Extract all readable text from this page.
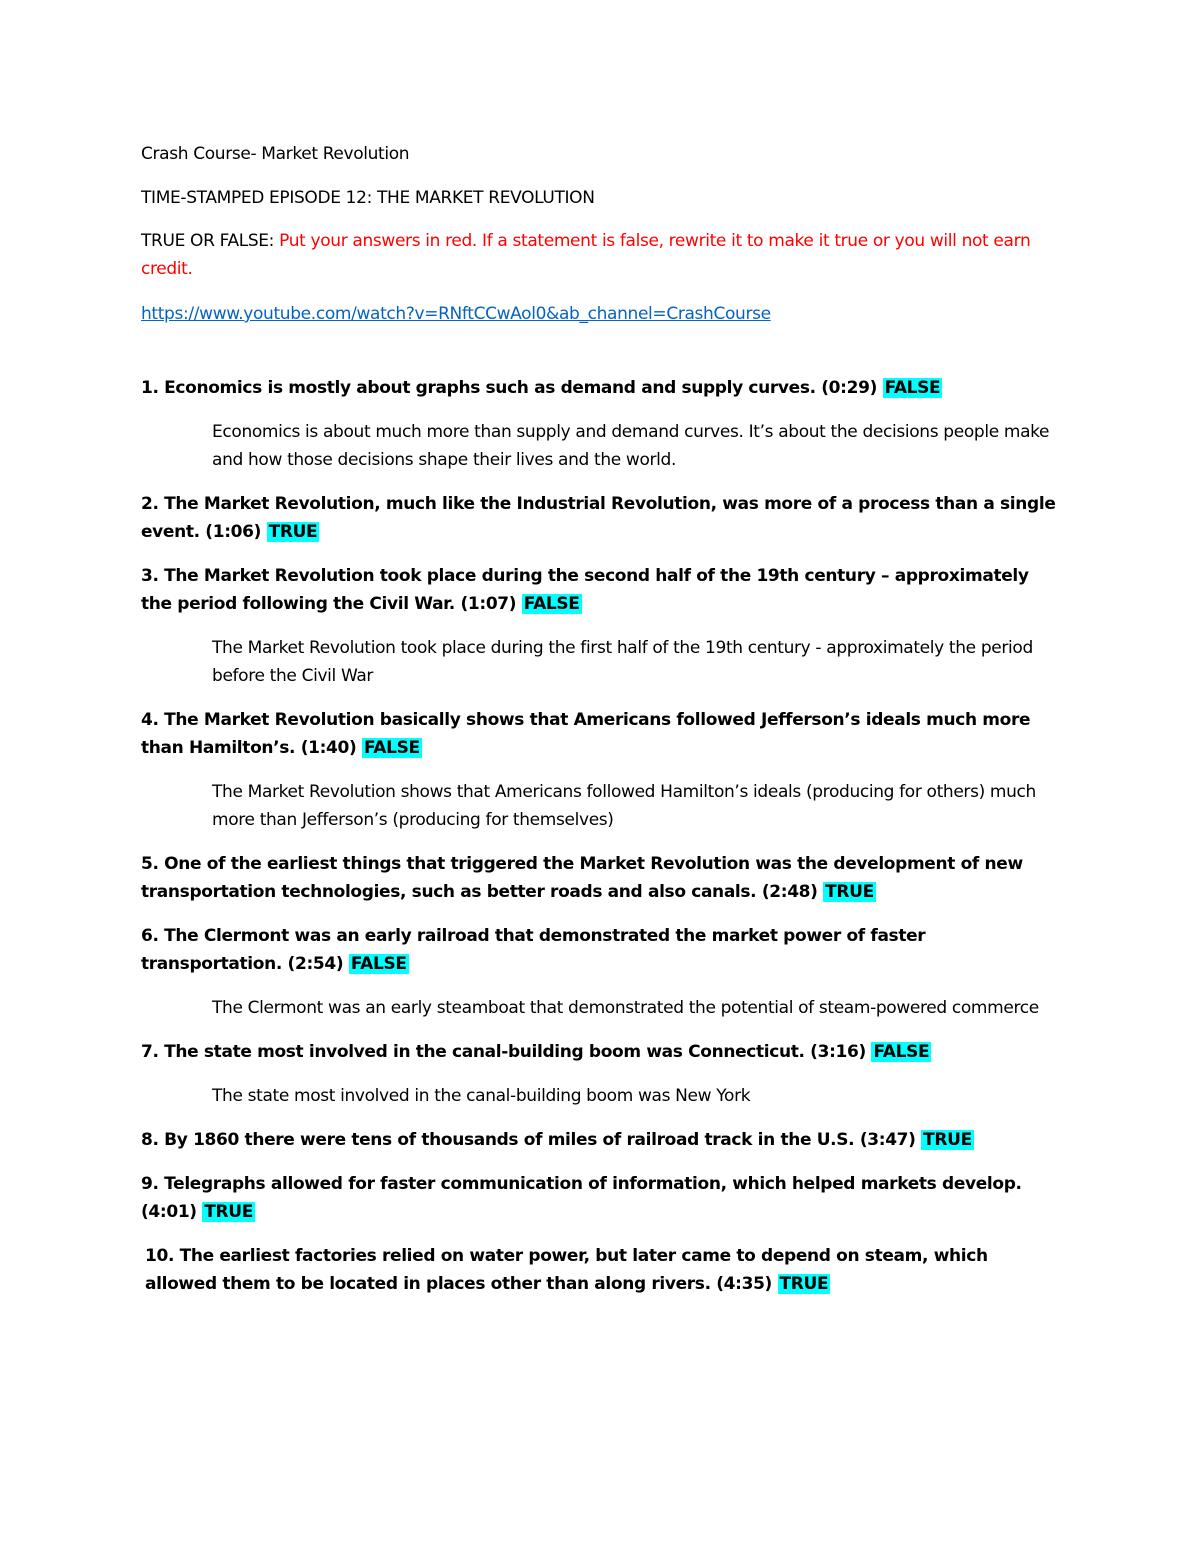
Crash Course- Market Revolution
TIME-STAMPED EPISODE 12: THE MARKET REVOLUTION
TRUE OR FALSE: Put your answers in red. If a statement is false, rewrite it to make it true or you will not earn credit.
https://www.youtube.com/watch?v=RNftCCwAol0&ab_channel=CrashCourse
1. Economics is mostly about graphs such as demand and supply curves. (0:29) FALSE
Economics is about much more than supply and demand curves. It’s about the decisions people make and how those decisions shape their lives and the world.
2. The Market Revolution, much like the Industrial Revolution, was more of a process than a single event. (1:06) TRUE
3. The Market Revolution took place during the second half of the 19th century – approximately the period following the Civil War. (1:07) FALSE
The Market Revolution took place during the first half of the 19th century - approximately the period before the Civil War
4. The Market Revolution basically shows that Americans followed Jefferson’s ideals much more than Hamilton’s. (1:40) FALSE
The Market Revolution shows that Americans followed Hamilton’s ideals (producing for others) much more than Jefferson’s (producing for themselves)
5. One of the earliest things that triggered the Market Revolution was the development of new transportation technologies, such as better roads and also canals. (2:48) TRUE
6. The Clermont was an early railroad that demonstrated the market power of faster transportation. (2:54) FALSE
The Clermont was an early steamboat that demonstrated the potential of steam-powered commerce
7. The state most involved in the canal-building boom was Connecticut. (3:16) FALSE
The state most involved in the canal-building boom was New York
8. By 1860 there were tens of thousands of miles of railroad track in the U.S. (3:47) TRUE
9. Telegraphs allowed for faster communication of information, which helped markets develop. (4:01) TRUE
10. The earliest factories relied on water power, but later came to depend on steam, which allowed them to be located in places other than along rivers. (4:35) TRUE
